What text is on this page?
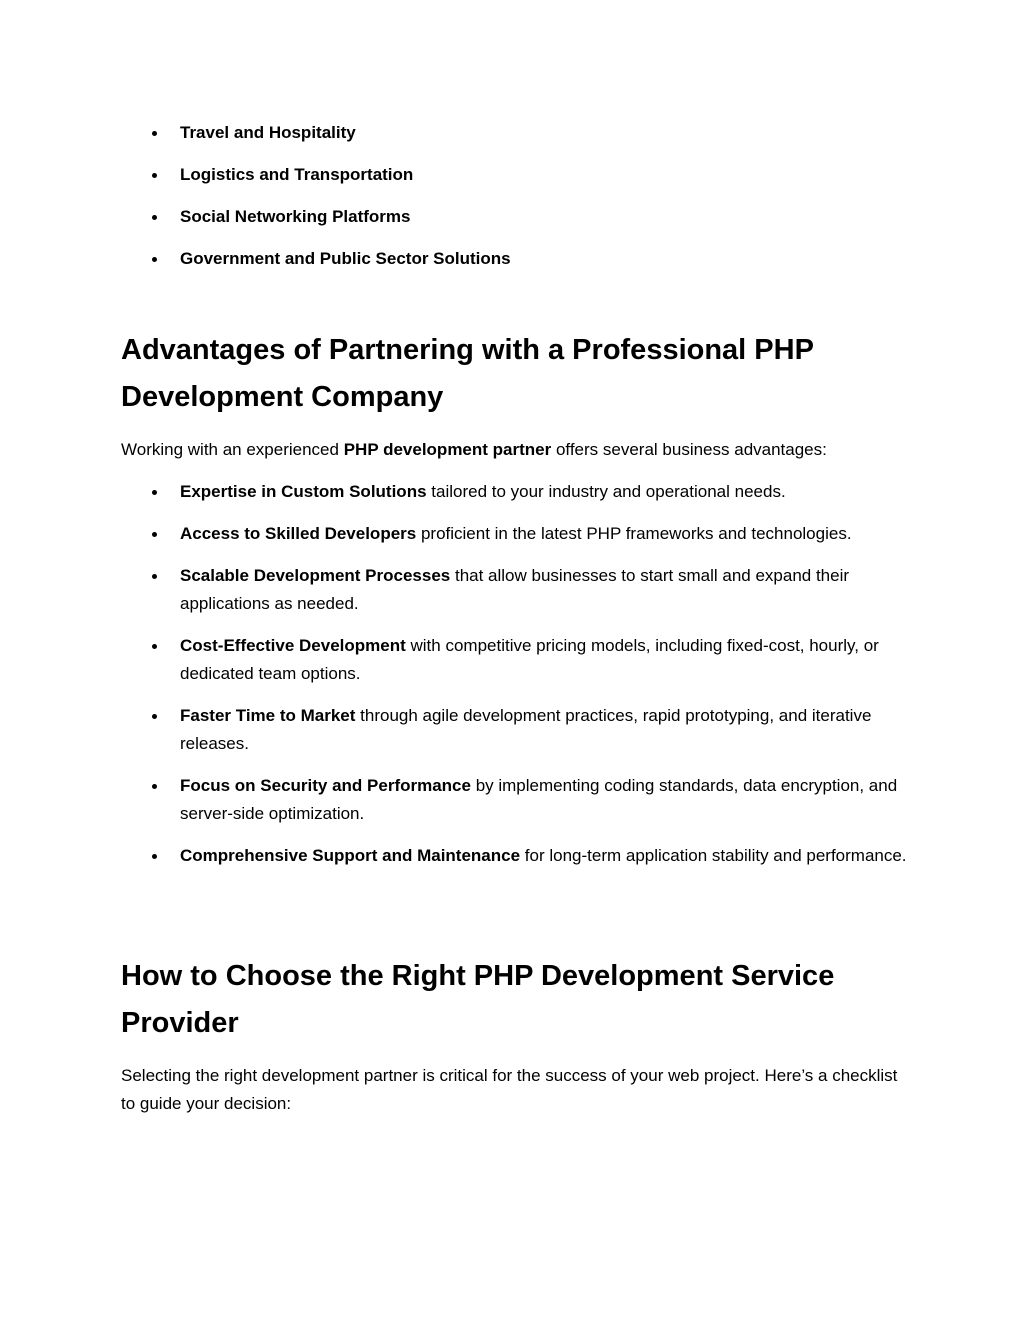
Travel and Hospitality
Logistics and Transportation
Social Networking Platforms
Government and Public Sector Solutions
Advantages of Partnering with a Professional PHP Development Company

Working with an experienced PHP development partner offers several business advantages:

Expertise in Custom Solutions tailored to your industry and operational needs.
Access to Skilled Developers proficient in the latest PHP frameworks and technologies.
Scalable Development Processes that allow businesses to start small and expand their applications as needed.
Cost-Effective Development with competitive pricing models, including fixed-cost, hourly, or dedicated team options.
Faster Time to Market through agile development practices, rapid prototyping, and iterative releases.
Focus on Security and Performance by implementing coding standards, data encryption, and server-side optimization.
Comprehensive Support and Maintenance for long-term application stability and performance.
How to Choose the Right PHP Development Service Provider

Selecting the right development partner is critical for the success of your web project. Here’s a checklist to guide your decision:
